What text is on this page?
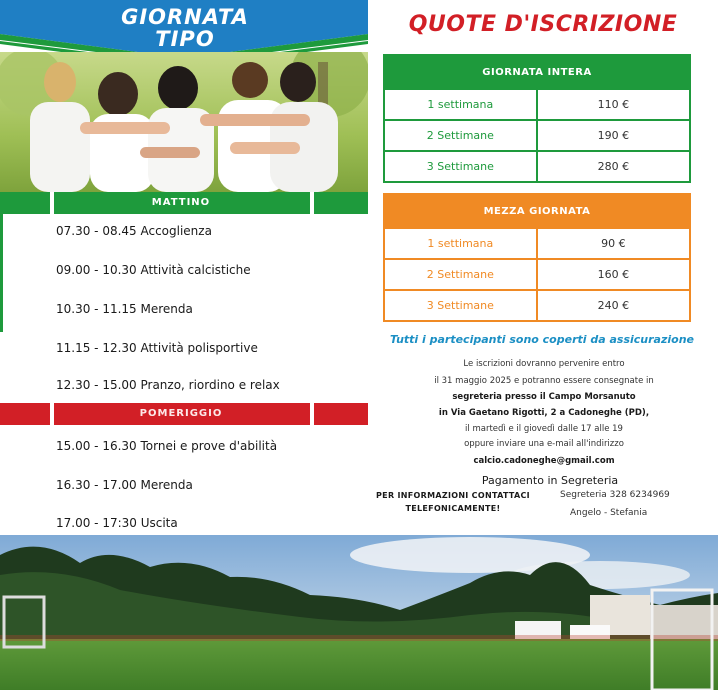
GIORNATA
TIPO
MATTINO
07.30 - 08.45 Accoglienza
09.00 - 10.30 Attività calcistiche
10.30 - 11.15 Merenda
11.15 - 12.30 Attività polisportive
12.30 - 15.00 Pranzo, riordino e relax
POMERIGGIO
15.00 - 16.30 Tornei e prove d'abilità
16.30 - 17.00 Merenda
17.00 - 17:30 Uscita
QUOTE D'ISCRIZIONE
GIORNATA INTERA	
1 settimana	110 €
2 Settimane	190 €
3 Settimane	280 €
MEZZA GIORNATA	
1 settimana	90 €
2 Settimane	160 €
3 Settimane	240 €
Tutti i partecipanti sono coperti da assicurazione
Le iscrizioni dovranno pervenire entro
il 31 maggio 2025 e potranno essere consegnate in
segreteria presso il Campo Morsanuto
in Via Gaetano Rigotti, 2 a Cadoneghe (PD),
il martedì e il giovedì dalle 17 alle 19
oppure inviare una e-mail all'indirizzo
calcio.cadoneghe@gmail.com
Pagamento in Segreteria
PER INFORMAZIONI CONTATTACI
TELEFONICAMENTE!
Segreteria 328 6234969
Angelo - Stefania
